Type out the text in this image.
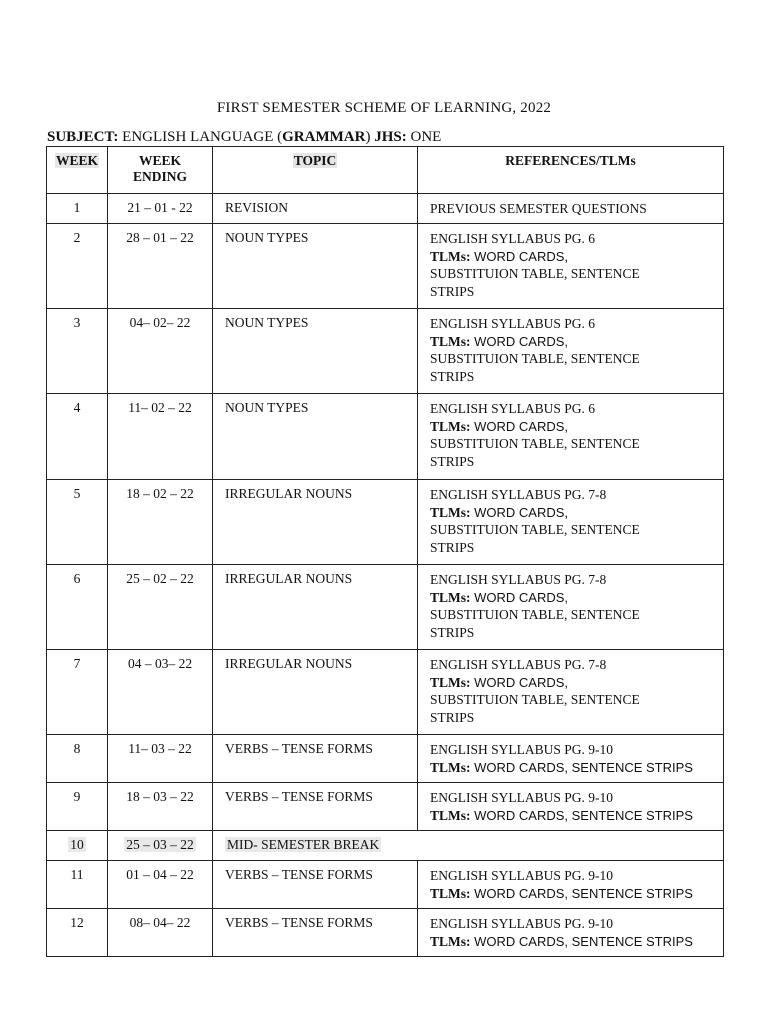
FIRST SEMESTER SCHEME OF LEARNING, 2022
SUBJECT: ENGLISH LANGUAGE (GRAMMAR) JHS: ONE
WEEK	WEEK ENDING	TOPIC	REFERENCES/TLMs
1	21 – 01 - 22	REVISION	PREVIOUS SEMESTER QUESTIONS

2	28 – 01 – 22	NOUN TYPES	ENGLISH SYLLABUS PG. 6
TLMs: WORD CARDS,
SUBSTITUION TABLE, SENTENCE STRIPS

3	04– 02– 22	NOUN TYPES	ENGLISH SYLLABUS PG. 6
TLMs: WORD CARDS,
SUBSTITUION TABLE, SENTENCE STRIPS

4	11– 02 – 22	NOUN TYPES	ENGLISH SYLLABUS PG. 6
TLMs: WORD CARDS,
SUBSTITUION TABLE, SENTENCE STRIPS

5	18 – 02 – 22	IRREGULAR NOUNS	ENGLISH SYLLABUS PG. 7-8
TLMs: WORD CARDS,
SUBSTITUION TABLE, SENTENCE STRIPS

6	25 – 02 – 22	IRREGULAR NOUNS	ENGLISH SYLLABUS PG. 7-8
TLMs: WORD CARDS,
SUBSTITUION TABLE, SENTENCE STRIPS

7	04 – 03– 22	IRREGULAR NOUNS	ENGLISH SYLLABUS PG. 7-8
TLMs: WORD CARDS,
SUBSTITUION TABLE, SENTENCE STRIPS

8	11– 03 – 22	VERBS – TENSE FORMS	ENGLISH SYLLABUS PG. 9-10
TLMs: WORD CARDS, SENTENCE STRIPS

9	18 – 03 – 22	VERBS – TENSE FORMS	ENGLISH SYLLABUS PG. 9-10
TLMs: WORD CARDS, SENTENCE STRIPS

10	25 – 03 – 22	MID- SEMESTER BREAK	
11	01 – 04 – 22	VERBS – TENSE FORMS	ENGLISH SYLLABUS PG. 9-10
TLMs: WORD CARDS, SENTENCE STRIPS

12	08– 04– 22	VERBS – TENSE FORMS	ENGLISH SYLLABUS PG. 9-10
TLMs: WORD CARDS, SENTENCE STRIPS
